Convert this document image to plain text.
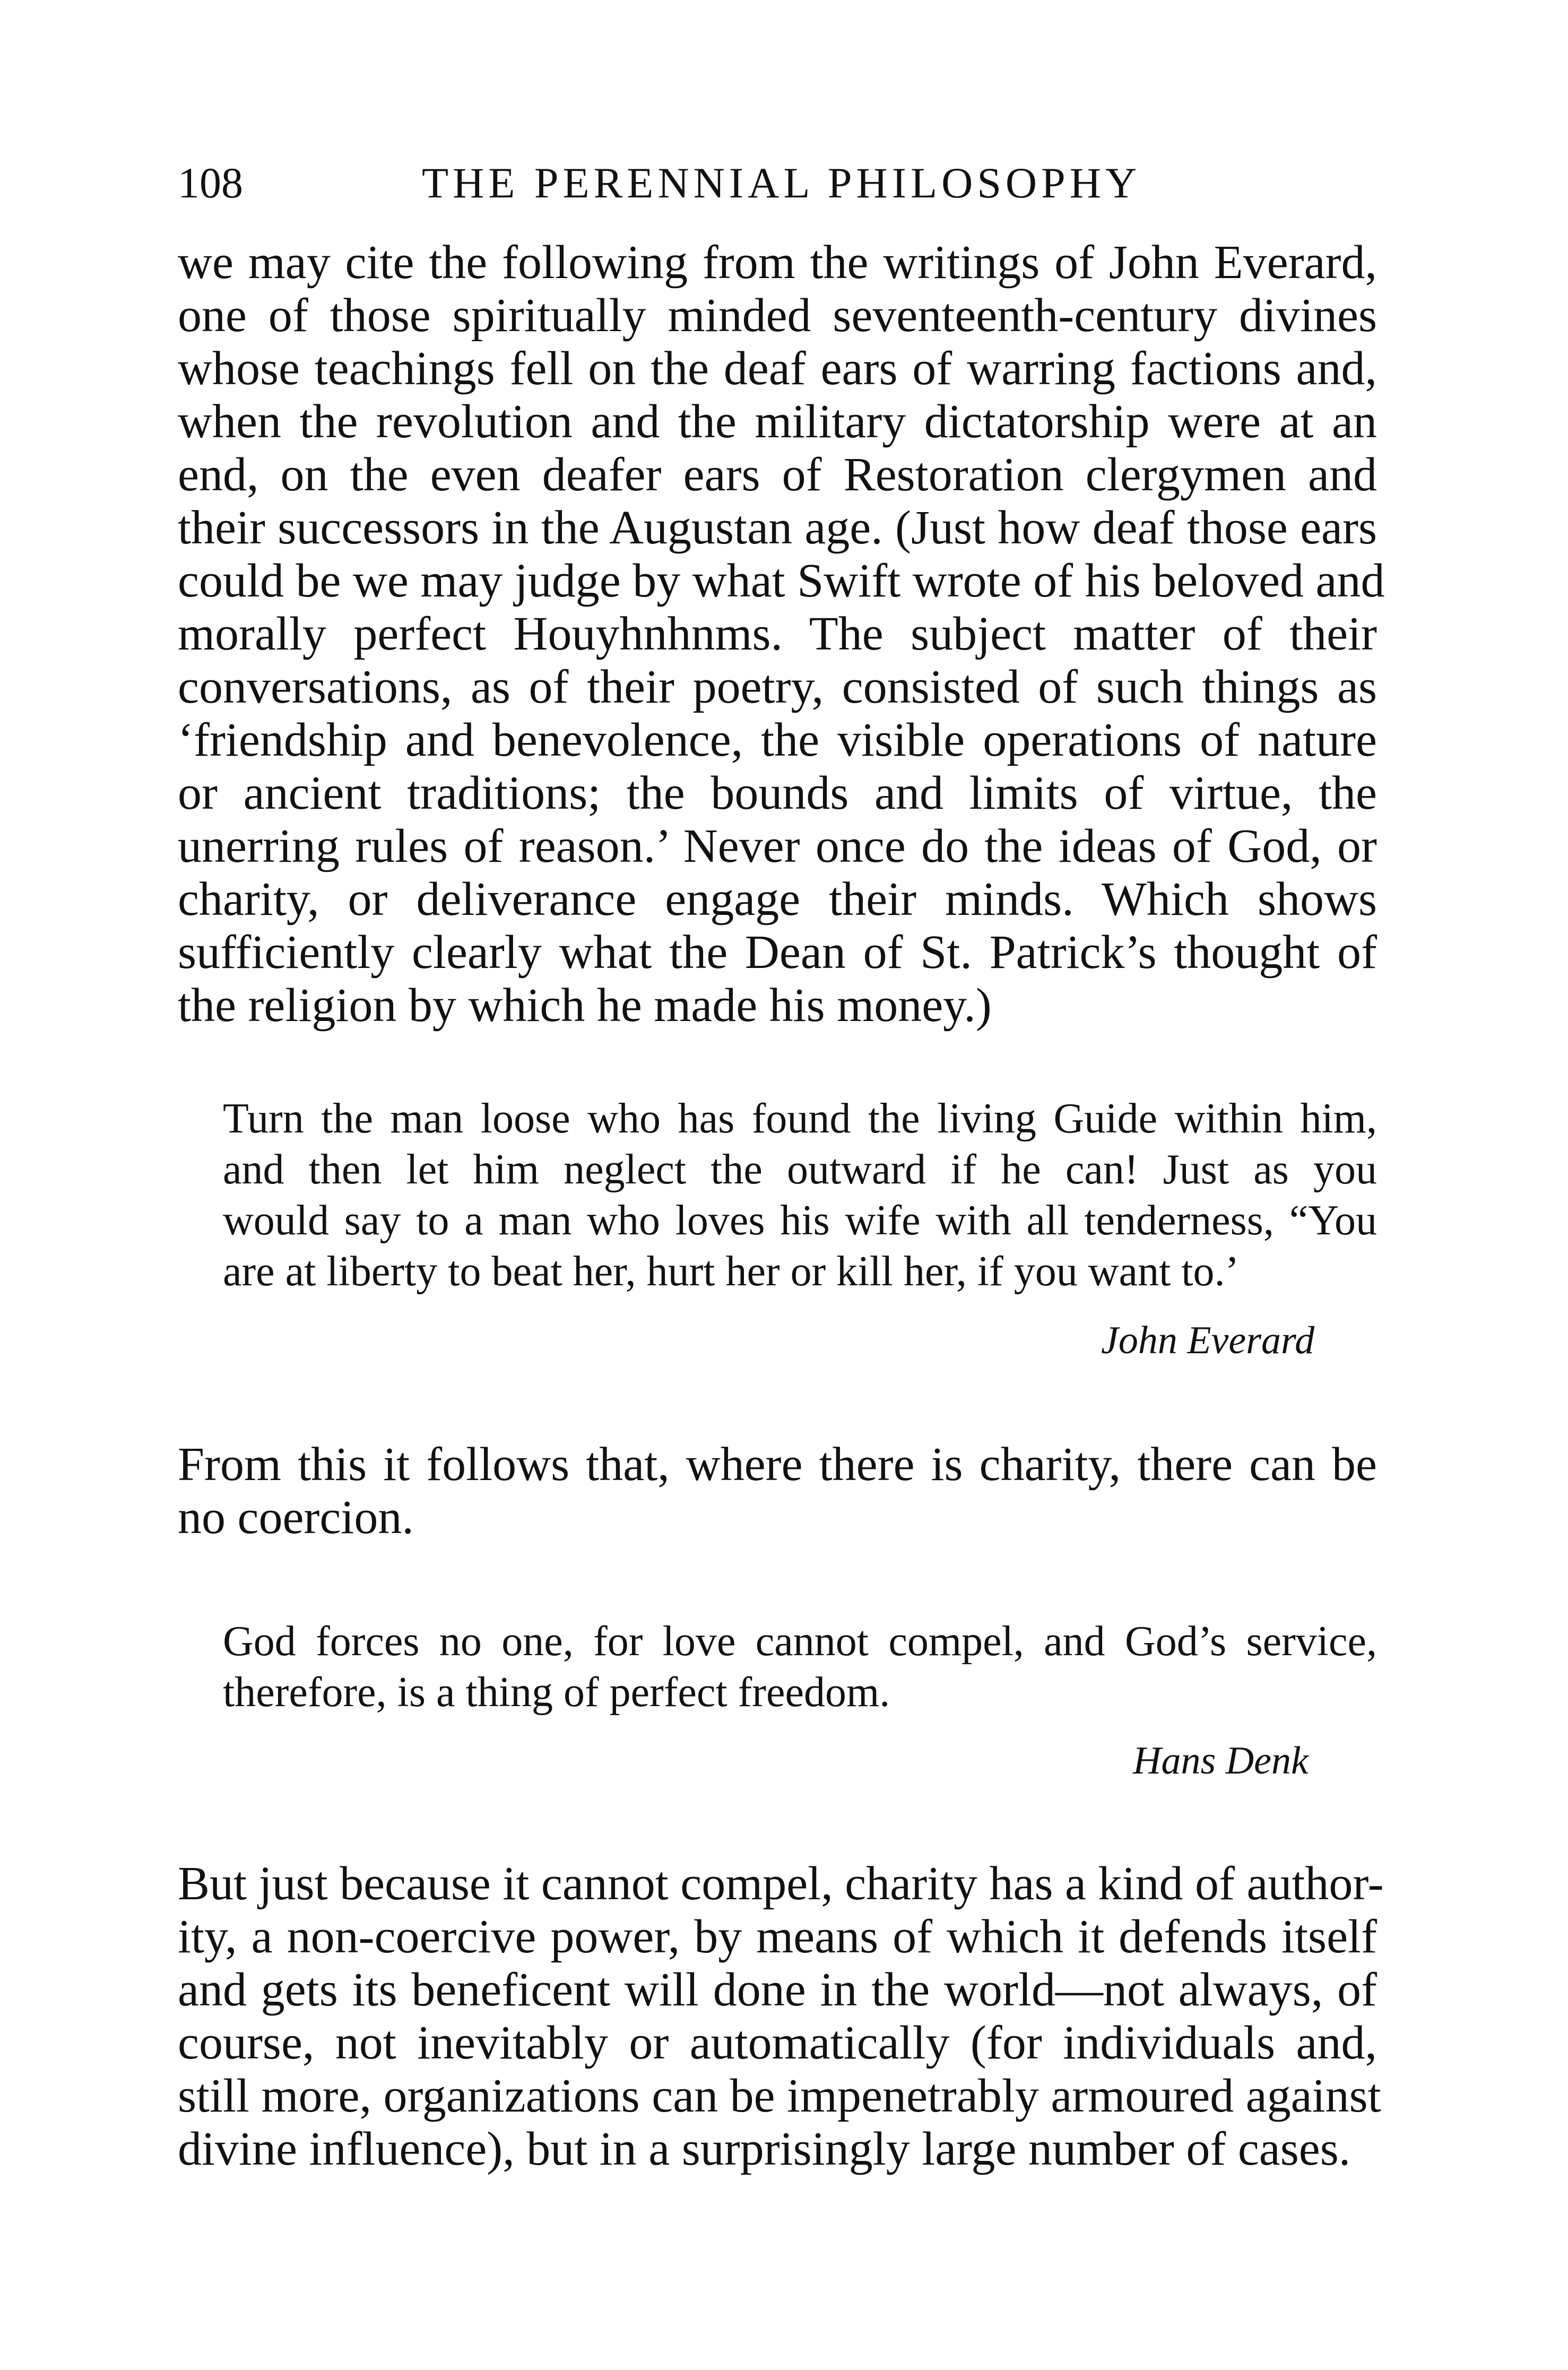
108	THE PERENNIAL PHILOSOPHY
we may cite the following from the writings of John Everard,
one of those spiritually minded seventeenth-century divines
whose teachings fell on the deaf ears of warring factions and,
when the revolution and the military dictatorship were at an
end, on the even deafer ears of Restoration clergymen and
their successors in the Augustan age. (Just how deaf those ears
could be we may judge by what Swift wrote of his beloved and
morally perfect Houyhnhnms. The subject matter of their
conversations, as of their poetry, consisted of such things as
‘friendship and benevolence, the visible operations of nature
or ancient traditions; the bounds and limits of virtue, the
unerring rules of reason.’ Never once do the ideas of God, or
charity, or deliverance engage their minds. Which shows
sufficiently clearly what the Dean of St. Patrick’s thought of
the religion by which he made his money.)
Turn the man loose who has found the living Guide within him,
and then let him neglect the outward if he can! Just as you
would say to a man who loves his wife with all tenderness, “You
are at liberty to beat her, hurt her or kill her, if you want to.’
John Everard
From this it follows that, where there is charity, there can be
no coercion.
God forces no one, for love cannot compel, and God’s service,
therefore, is a thing of perfect freedom.
Hans Denk
But just because it cannot compel, charity has a kind of author-
ity, a non-coercive power, by means of which it defends itself
and gets its beneficent will done in the world—not always, of
course, not inevitably or automatically (for individuals and,
still more, organizations can be impenetrably armoured against
divine influence), but in a surprisingly large number of cases.
